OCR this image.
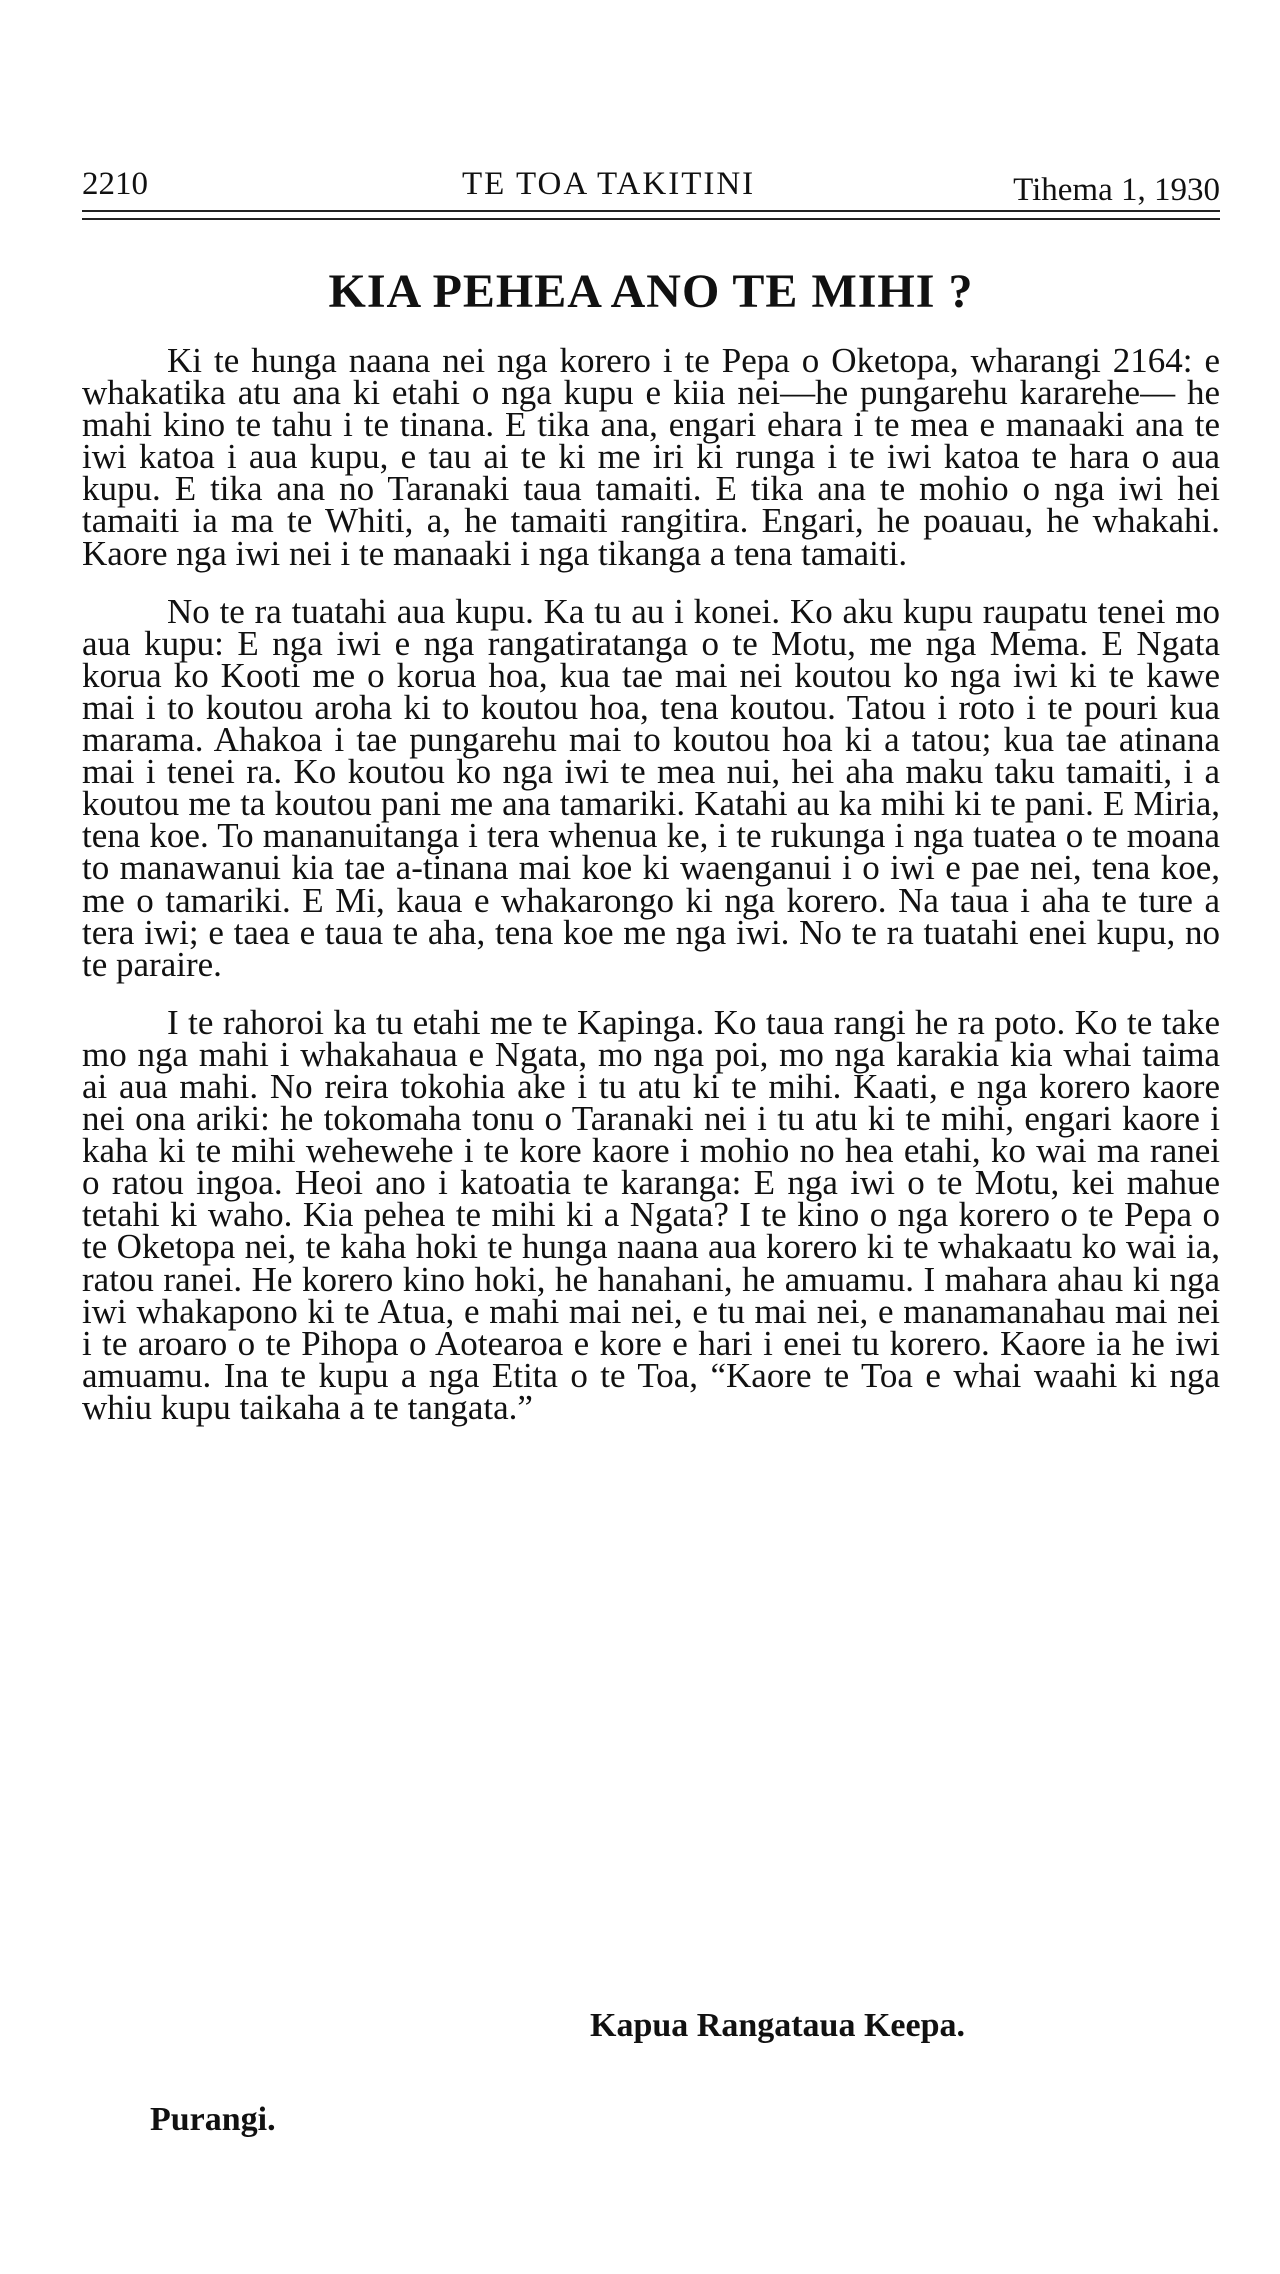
2210	TE TOA TAKITINI	Tihema 1, 1930
KIA PEHEA ANO TE MIHI ?

Ki te hunga naana nei nga korero i te Pepa o Oketopa, wharangi 2164: e whakatika atu ana ki etahi o nga kupu e kiia nei—he pungarehu kararehe— he mahi kino te tahu i te tinana. E tika ana, engari ehara i te mea e manaaki ana te iwi katoa i aua kupu, e tau ai te ki me iri ki runga i te iwi katoa te hara o aua kupu. E tika ana no Taranaki taua tamaiti. E tika ana te mohio o nga iwi hei tamaiti ia ma te Whiti, a, he tamaiti rangitira. Engari, he poauau, he whakahi. Kaore nga iwi nei i te manaaki i nga tikanga a tena tamaiti.

No te ra tuatahi aua kupu. Ka tu au i konei. Ko aku kupu raupatu tenei mo aua kupu: E nga iwi e nga rangatiratanga o te Motu, me nga Mema. E Ngata korua ko Kooti me o korua hoa, kua tae mai nei koutou ko nga iwi ki te kawe mai i to koutou aroha ki to koutou hoa, tena koutou. Tatou i roto i te pouri kua marama. Ahakoa i tae pungarehu mai to koutou hoa ki a tatou; kua tae atinana mai i tenei ra. Ko koutou ko nga iwi te mea nui, hei aha maku taku tamaiti, i a koutou me ta koutou pani me ana tamariki. Katahi au ka mihi ki te pani. E Miria, tena koe. To mananuitanga i tera whenua ke, i te rukunga i nga tuatea o te moana to manawanui kia tae a-tinana mai koe ki waenganui i o iwi e pae nei, tena koe, me o tamariki. E Mi, kaua e whakarongo ki nga korero. Na taua i aha te ture a tera iwi; e taea e taua te aha, tena koe me nga iwi. No te ra tuatahi enei kupu, no te paraire.

I te rahoroi ka tu etahi me te Kapinga. Ko taua rangi he ra poto. Ko te take mo nga mahi i whakahaua e Ngata, mo nga poi, mo nga karakia kia whai taima ai aua mahi. No reira tokohia ake i tu atu ki te mihi. Kaati, e nga korero kaore nei ona ariki: he tokomaha tonu o Taranaki nei i tu atu ki te mihi, engari kaore i kaha ki te mihi wehewehe i te kore kaore i mohio no hea etahi, ko wai ma ranei o ratou ingoa. Heoi ano i katoatia te karanga: E nga iwi o te Motu, kei mahue tetahi ki waho. Kia pehea te mihi ki a Ngata? I te kino o nga korero o te Pepa o te Oketopa nei, te kaha hoki te hunga naana aua korero ki te whakaatu ko wai ia, ratou ranei. He korero kino hoki, he hanahani, he amuamu. I mahara ahau ki nga iwi whakapono ki te Atua, e mahi mai nei, e tu mai nei, e manamanahau mai nei i te aroaro o te Pihopa o Aotearoa e kore e hari i enei tu korero. Kaore ia he iwi amuamu. Ina te kupu a nga Etita o te Toa, “Kaore te Toa e whai waahi ki nga whiu kupu taikaha a te tangata.”

Kapua Rangataua Keepa.
Purangi.
